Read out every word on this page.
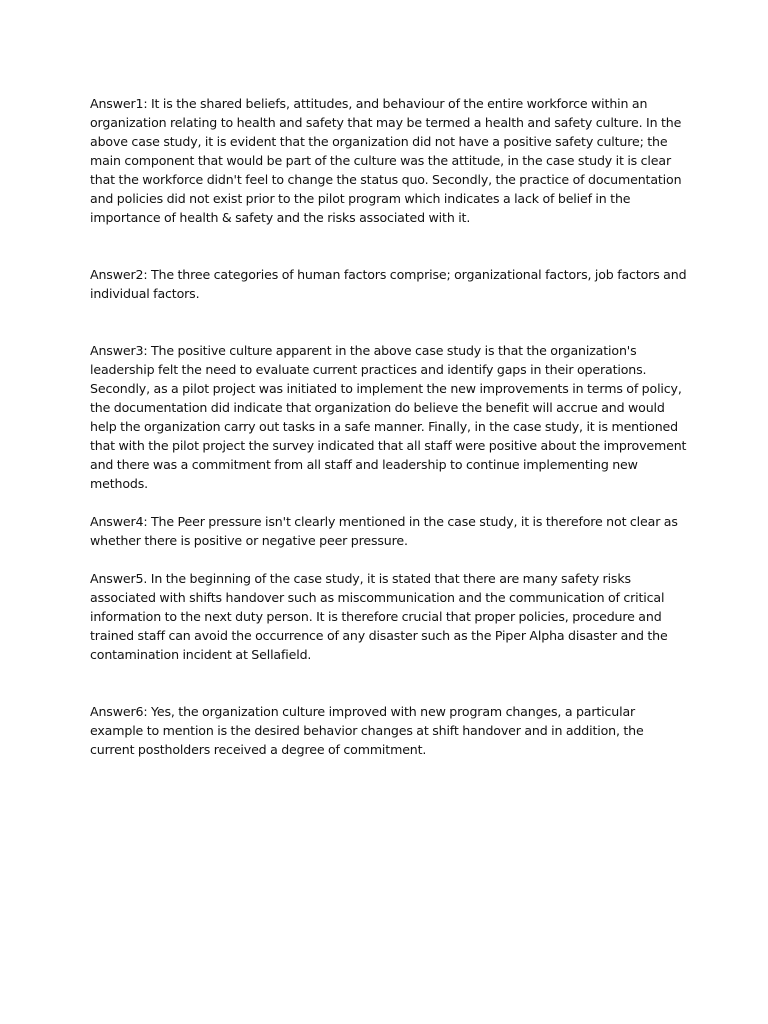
Answer1: It is the shared beliefs, attitudes, and behaviour of the entire workforce within an organization relating to health and safety that may be termed a health and safety culture. In the above case study, it is evident that the organization did not have a positive safety culture; the main component that would be part of the culture was the attitude, in the case study it is clear that the workforce didn't feel to change the status quo. Secondly, the practice of documentation and policies did not exist prior to the pilot program which indicates a lack of belief in the importance of health & safety and the risks associated with it.

Answer2: The three categories of human factors comprise; organizational factors, job factors and individual factors.

Answer3: The positive culture apparent in the above case study is that the organization's leadership felt the need to evaluate current practices and identify gaps in their operations. Secondly, as a pilot project was initiated to implement the new improvements in terms of policy, the documentation did indicate that organization do believe the benefit will accrue and would help the organization carry out tasks in a safe manner. Finally, in the case study, it is mentioned that with the pilot project the survey indicated that all staff were positive about the improvement and there was a commitment from all staff and leadership to continue implementing new methods.

Answer4: The Peer pressure isn't clearly mentioned in the case study, it is therefore not clear as whether there is positive or negative peer pressure.

Answer5. In the beginning of the case study, it is stated that there are many safety risks associated with shifts handover such as miscommunication and the communication of critical information to the next duty person. It is therefore crucial that proper policies, procedure and trained staff can avoid the occurrence of any disaster such as the Piper Alpha disaster and the contamination incident at Sellafield.

Answer6: Yes, the organization culture improved with new program changes, a particular example to mention is the desired behavior changes at shift handover and in addition, the current postholders received a degree of commitment.
